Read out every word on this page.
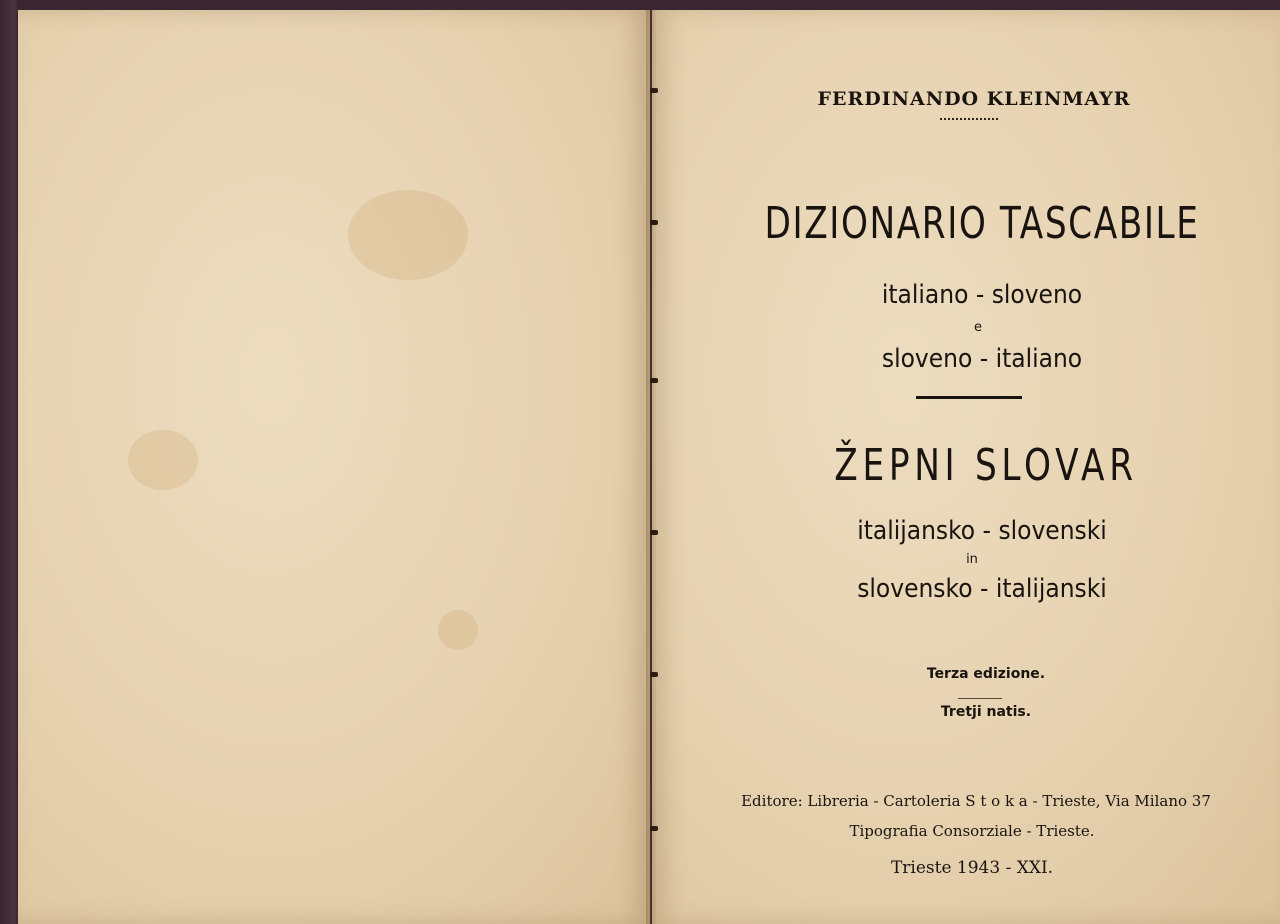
FERDINANDO KLEINMAYR
DIZIONARIO TASCABILE
italiano - sloveno
e
sloveno - italiano
ŽEPNI SLOVAR
italijansko - slovenski
in
slovensko - italijanski
Terza edizione.
Tretji natis.
Editore: Libreria - Cartoleria S t o k a - Trieste, Via Milano 37
Tipografia Consorziale - Trieste.
Trieste 1943 - XXI.
